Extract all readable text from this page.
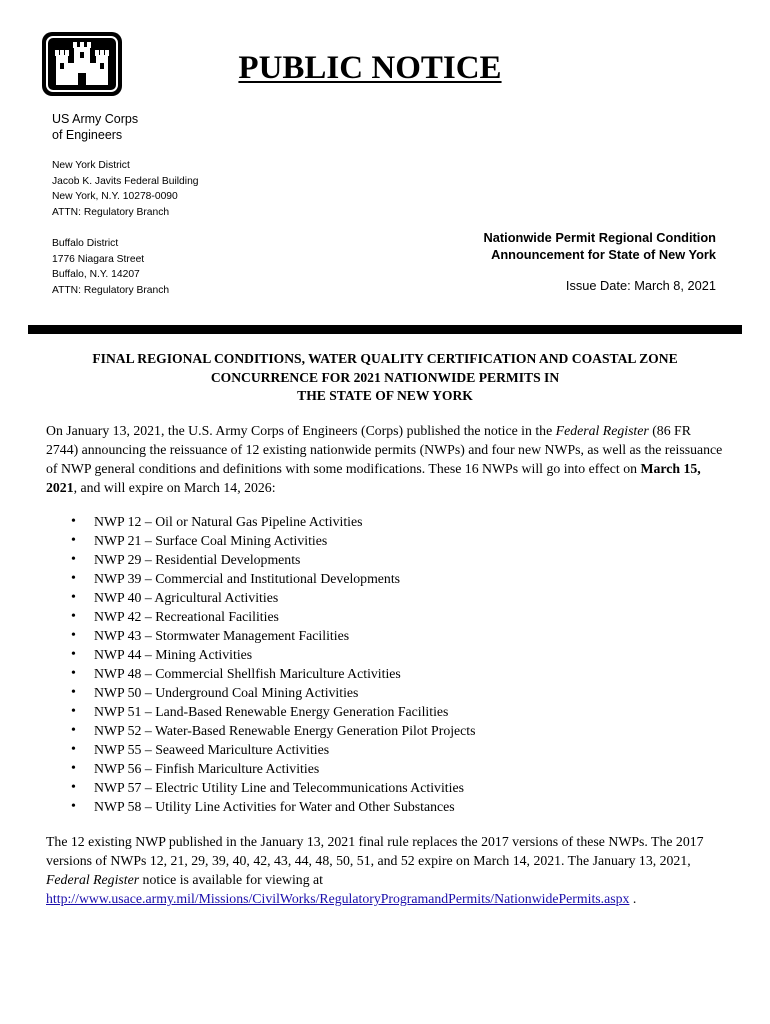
PUBLIC NOTICE
US Army Corps
of Engineers
New York District
Jacob K. Javits Federal Building
New York, N.Y. 10278-0090
ATTN: Regulatory Branch
Buffalo District
1776 Niagara Street
Buffalo, N.Y. 14207
ATTN: Regulatory Branch
Nationwide Permit Regional Condition
Announcement for State of New York
Issue Date: March 8, 2021
FINAL REGIONAL CONDITIONS, WATER QUALITY CERTIFICATION AND COASTAL ZONE
CONCURRENCE FOR 2021 NATIONWIDE PERMITS IN
THE STATE OF NEW YORK
On January 13, 2021, the U.S. Army Corps of Engineers (Corps) published the notice in the Federal Register (86 FR 2744) announcing the reissuance of 12 existing nationwide permits (NWPs) and four new NWPs, as well as the reissuance of NWP general conditions and definitions with some modifications. These 16 NWPs will go into effect on March 15, 2021, and will expire on March 14, 2026:
• NWP 12 – Oil or Natural Gas Pipeline Activities
• NWP 21 – Surface Coal Mining Activities
• NWP 29 – Residential Developments
• NWP 39 – Commercial and Institutional Developments
• NWP 40 – Agricultural Activities
• NWP 42 – Recreational Facilities
• NWP 43 – Stormwater Management Facilities
• NWP 44 – Mining Activities
• NWP 48 – Commercial Shellfish Mariculture Activities
• NWP 50 – Underground Coal Mining Activities
• NWP 51 – Land-Based Renewable Energy Generation Facilities
• NWP 52 – Water-Based Renewable Energy Generation Pilot Projects
• NWP 55 – Seaweed Mariculture Activities
• NWP 56 – Finfish Mariculture Activities
• NWP 57 – Electric Utility Line and Telecommunications Activities
• NWP 58 – Utility Line Activities for Water and Other Substances
The 12 existing NWP published in the January 13, 2021 final rule replaces the 2017 versions of these NWPs. The 2017 versions of NWPs 12, 21, 29, 39, 40, 42, 43, 44, 48, 50, 51, and 52 expire on March 14, 2021. The January 13, 2021, Federal Register notice is available for viewing at
http://www.usace.army.mil/Missions/CivilWorks/RegulatoryProgramandPermits/NationwidePermits.aspx .
